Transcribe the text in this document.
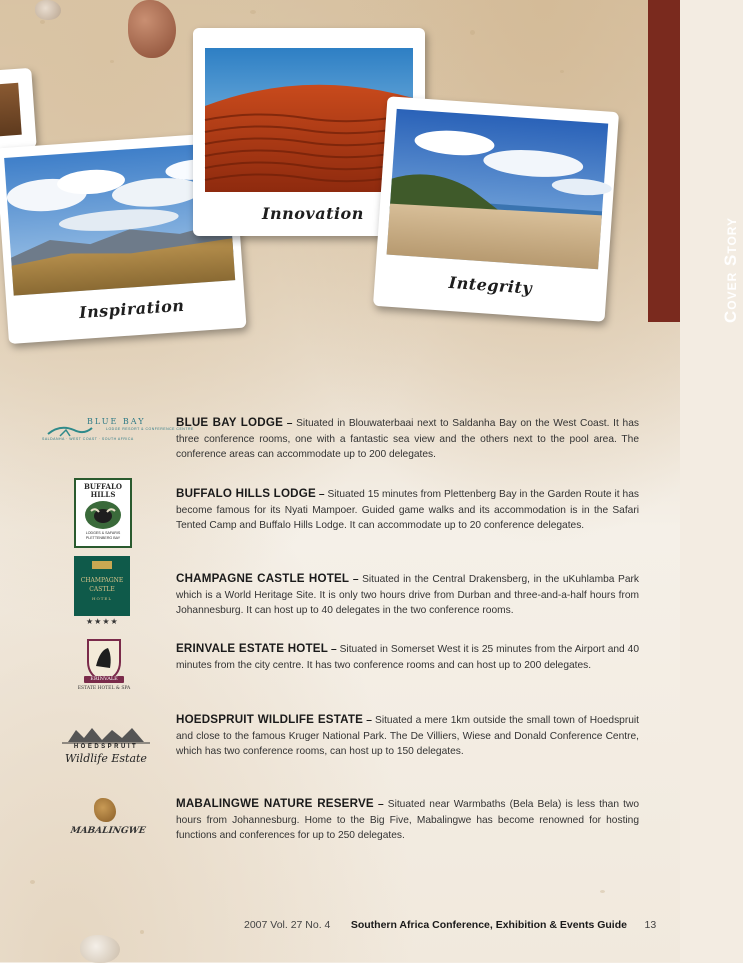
Cover Story
Inspiration
Innovation
Integrity
BLUE BAY
LODGE RESORT & CONFERENCE CENTRE
SALDANHA · WEST COAST · SOUTH AFRICA
BUFFALO
HILLS
LODGES & SAFARIS
PLETTENBERG BAY
CHAMPAGNE
CASTLE
HOTEL
★★★★
ERINVALE
ESTATE HOTEL & SPA
HOEDSPRUIT
Wildlife Estate
MABALINGWE
BLUE BAY LODGE – Situated in Blouwaterbaai next to Saldanha Bay on the West Coast. It has three conference rooms, one with a fantastic sea view and the others next to the pool area. The conference areas can accommodate up to 200 delegates.
BUFFALO HILLS LODGE – Situated 15 minutes from Plettenberg Bay in the Garden Route it has become famous for its Nyati Mampoer. Guided game walks and its accommodation is in the Safari Tented Camp and Buffalo Hills Lodge. It can accommodate up to 20 conference delegates.
CHAMPAGNE CASTLE HOTEL – Situated in the Central Drakensberg, in the uKuhlamba Park which is a World Heritage Site. It is only two hours drive from Durban and three-and-a-half hours from Johannesburg. It can host up to 40 delegates in the two conference rooms.
ERINVALE ESTATE HOTEL – Situated in Somerset West it is 25 minutes from the Airport and 40 minutes from the city centre. It has two conference rooms and can host up to 200 delegates.
HOEDSPRUIT WILDLIFE ESTATE – Situated a mere 1km outside the small town of Hoedspruit and close to the famous Kruger National Park. The De Villiers, Wiese and Donald Conference Centre, which has two conference rooms, can host up to 150 delegates.
MABALINGWE NATURE RESERVE – Situated near Warmbaths (Bela Bela) is less than two hours from Johannesburg. Home to the Big Five, Mabalingwe has become renowned for hosting functions and conferences for up to 250 delegates.
2007 Vol. 27 No. 4 Southern Africa Conference, Exhibition & Events Guide 13
